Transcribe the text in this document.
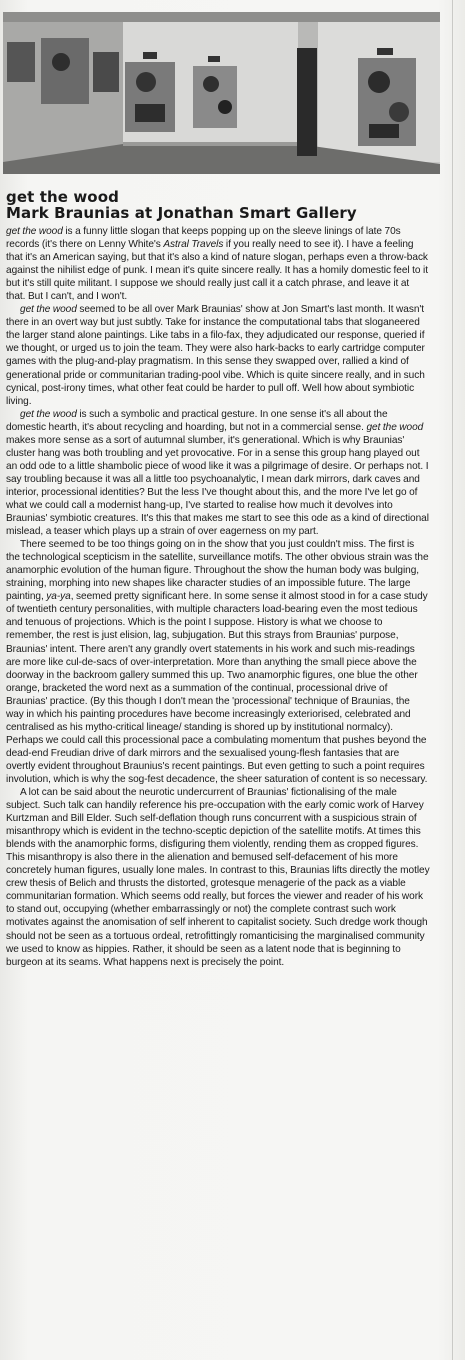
get the wood
Mark Braunias at Jonathan Smart Gallery

get the wood is a funny little slogan that keeps popping up on the sleeve linings of late 70s records (it's there on Lenny White's Astral Travels if you really need to see it). I have a feeling that it's an American saying, but that it's also a kind of nature slogan, perhaps even a throw-back against the nihilist edge of punk. I mean it's quite sincere really. It has a homily domestic feel to it but it's still quite militant. I suppose we should really just call it a catch phrase, and leave it at that. But I can't, and I won't.

get the wood seemed to be all over Mark Braunias' show at Jon Smart's last month. It wasn't there in an overt way but just subtly. Take for instance the computational tabs that sloganeered the larger stand alone paintings. Like tabs in a filo-fax, they adjudicated our response, queried if we thought, or urged us to join the team. They were also hark-backs to early cartridge computer games with the plug-and-play pragmatism. In this sense they swapped over, rallied a kind of generational pride or communitarian trading-pool vibe. Which is quite sincere really, and in such cynical, post-irony times, what other feat could be harder to pull off. Well how about symbiotic living.

get the wood is such a symbolic and practical gesture. In one sense it's all about the domestic hearth, it's about recycling and hoarding, but not in a commercial sense. get the wood makes more sense as a sort of autumnal slumber, it's generational. Which is why Braunias' cluster hang was both troubling and yet provocative. For in a sense this group hang played out an odd ode to a little shambolic piece of wood like it was a pilgrimage of desire. Or perhaps not. I say troubling because it was all a little too psychoanalytic, I mean dark mirrors, dark caves and interior, processional identities? But the less I've thought about this, and the more I've let go of what we could call a modernist hang-up, I've started to realise how much it devolves into Braunias' symbiotic creatures. It's this that makes me start to see this ode as a kind of directional mislead, a teaser which plays up a strain of over eagerness on my part.

There seemed to be too things going on in the show that you just couldn't miss. The first is the technological scepticism in the satellite, surveillance motifs. The other obvious strain was the anamorphic evolution of the human figure. Throughout the show the human body was bulging, straining, morphing into new shapes like character studies of an impossible future. The large painting, ya-ya, seemed pretty significant here. In some sense it almost stood in for a case study of twentieth century personalities, with multiple characters load-bearing even the most tedious and tenuous of projections. Which is the point I suppose. History is what we choose to remember, the rest is just elision, lag, subjugation. But this strays from Braunias' purpose, Braunias' intent. There aren't any grandly overt statements in his work and such mis-readings are more like cul-de-sacs of over-interpretation. More than anything the small piece above the doorway in the backroom gallery summed this up. Two anamorphic figures, one blue the other orange, bracketed the word next as a summation of the continual, processional drive of Braunias' practice. (By this though I don't mean the 'processional' technique of Braunias, the way in which his painting procedures have become increasingly exteriorised, celebrated and centralised as his mytho-critical lineage/ standing is shored up by institutional normalcy). Perhaps we could call this processional pace a combulating momentum that pushes beyond the dead-end Freudian drive of dark mirrors and the sexualised young-flesh fantasies that are overtly evident throughout Braunius's recent paintings. But even getting to such a point requires involution, which is why the sog-fest decadence, the sheer saturation of content is so necessary.

A lot can be said about the neurotic undercurrent of Braunias' fictionalising of the male subject. Such talk can handily reference his pre-occupation with the early comic work of Harvey Kurtzman and Bill Elder. Such self-deflation though runs concurrent with a suspicious strain of misanthropy which is evident in the techno-sceptic depiction of the satellite motifs. At times this blends with the anamorphic forms, disfiguring them violently, rending them as cropped figures. This misanthropy is also there in the alienation and bemused self-defacement of his more concretely human figures, usually lone males. In contrast to this, Braunias lifts directly the motley crew thesis of Belich and thrusts the distorted, grotesque menagerie of the pack as a viable communitarian formation. Which seems odd really, but forces the viewer and reader of his work to stand out, occupying (whether embarrassingly or not) the complete contrast such work motivates against the anomisation of self inherent to capitalist society. Such dredge work though should not be seen as a tortuous ordeal, retrofittingly romanticising the marginalised community we used to know as hippies. Rather, it should be seen as a latent node that is beginning to burgeon at its seams. What happens next is precisely the point.
